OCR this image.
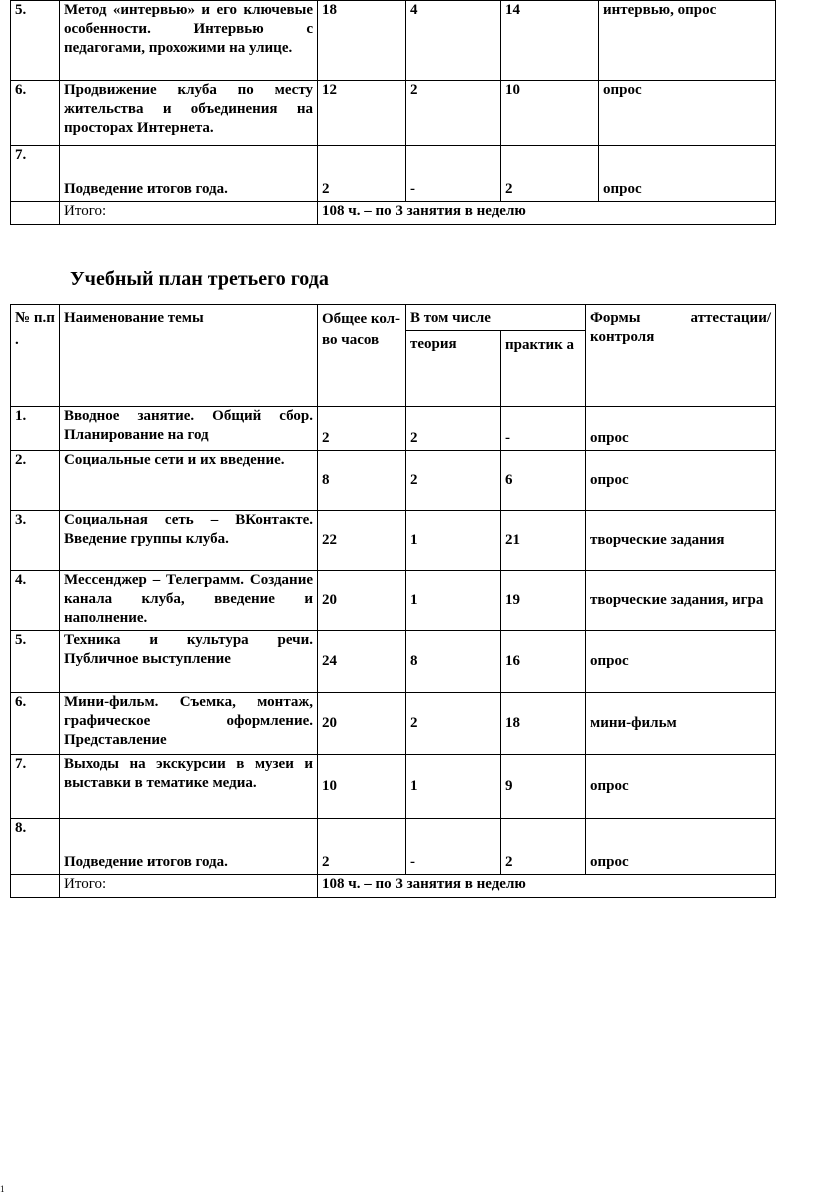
5.	Метод «интервью» и его ключевые особенности. Интервью с педагогами, прохожими на улице.	18	4	14	интервью, опрос
6.	Продвижение клуба по месту жительства и объединения на просторах Интернета.	12	2	10	опрос
7.	Подведение итогов года.	2	-	2	опрос
	Итого:	108 ч. – по 3 занятия в неделю			
Учебный план третьего года
№ п.п .	Наименование темы	Общее кол-во часов	В том числе		Формы аттестации/ контроля
			теория	практик а	
1.	Вводное занятие. Общий сбор. Планирование на год	2	2	-	опрос
2.	Социальные сети и их введение.	8	2	6	опрос
3.	Социальная сеть – ВКонтакте. Введение группы клуба.	22	1	21	творческие задания
4.	Мессенджер – Телеграмм. Создание канала клуба, введение и наполнение.	20	1	19	творческие задания, игра
5.	Техника и культура речи. Публичное выступление	24	8	16	опрос
6.	Мини-фильм. Съемка, монтаж, графическое оформление. Представление	20	2	18	мини-фильм
7.	Выходы на экскурсии в музеи и выставки в тематике медиа.	10	1	9	опрос
8.	Подведение итогов года.	2	-	2	опрос
	Итого:	108 ч. – по 3 занятия в неделю			
1
